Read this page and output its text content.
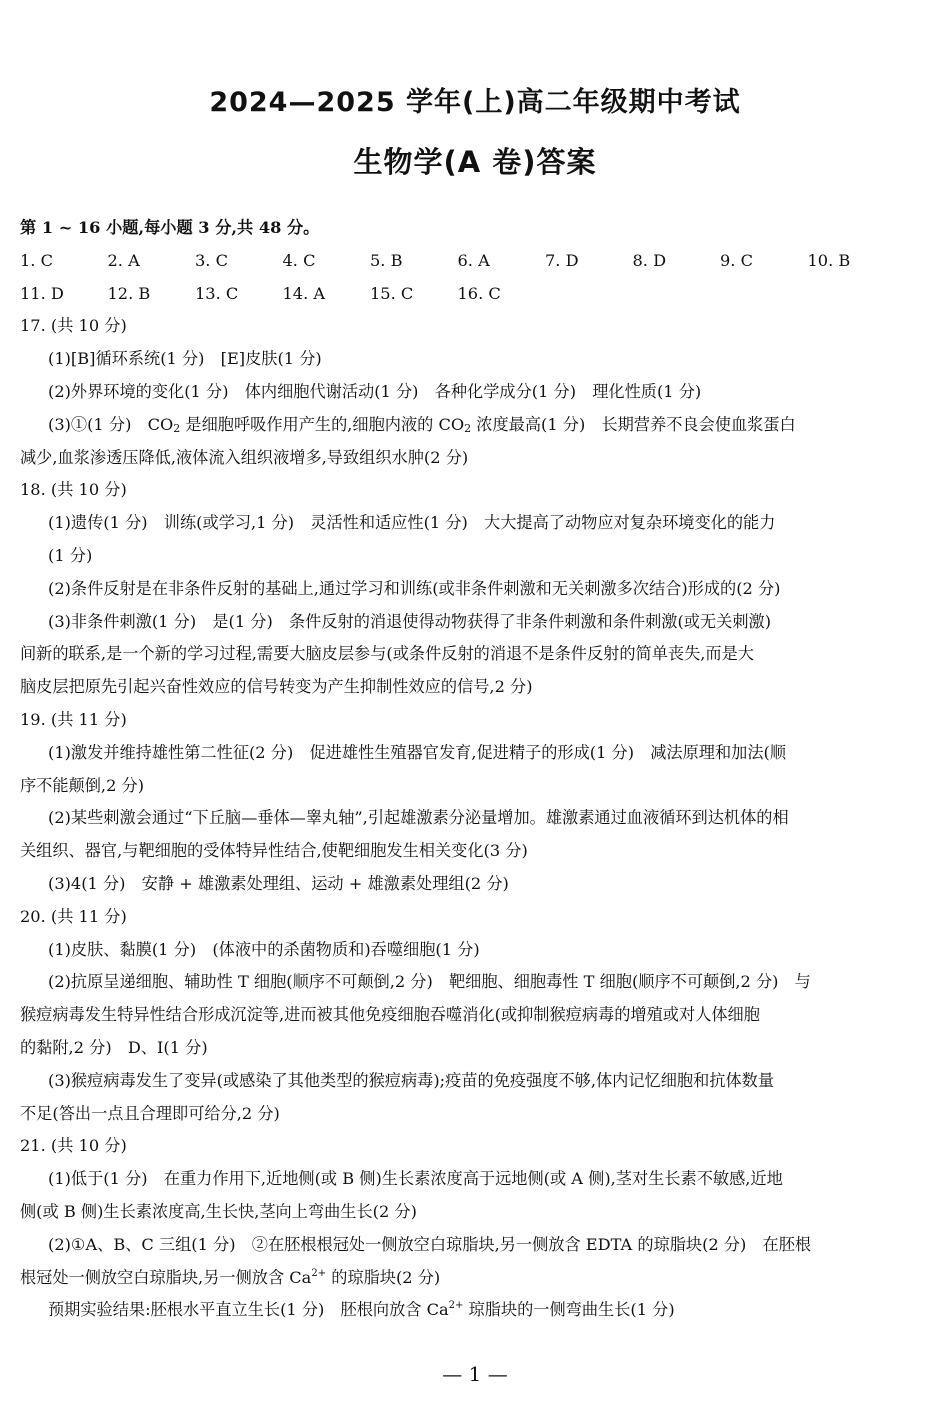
2024—2025 学年(上)高二年级期中考试
生物学(A 卷)答案

第 1 ~ 16 小题,每小题 3 分,共 48 分。

1. C	2. A	3. C	4. C	5. B	6. A	7. D	8. D	9. C	10. B
11. D	12. B	13. C	14. A	15. C	16. C

17. (共 10 分)

(1)[B]循环系统(1 分)　[E]皮肤(1 分)

(2)外界环境的变化(1 分)　体内细胞代谢活动(1 分)　各种化学成分(1 分)　理化性质(1 分)

(3)①(1 分)　$CO_2$ 是细胞呼吸作用产生的,细胞内液的 $CO_2$ 浓度最高(1 分)　长期营养不良会使血浆蛋白

减少,血浆渗透压降低,液体流入组织液增多,导致组织水肿(2 分)

18. (共 10 分)

(1)遗传(1 分)　训练(或学习,1 分)　灵活性和适应性(1 分)　大大提高了动物应对复杂环境变化的能力

(1 分)

(2)条件反射是在非条件反射的基础上,通过学习和训练(或非条件刺激和无关刺激多次结合)形成的(2 分)

(3)非条件刺激(1 分)　是(1 分)　条件反射的消退使得动物获得了非条件刺激和条件刺激(或无关刺激)

间新的联系,是一个新的学习过程,需要大脑皮层参与(或条件反射的消退不是条件反射的简单丧失,而是大

脑皮层把原先引起兴奋性效应的信号转变为产生抑制性效应的信号,2 分)

19. (共 11 分)

(1)激发并维持雄性第二性征(2 分)　促进雄性生殖器官发育,促进精子的形成(1 分)　减法原理和加法(顺

序不能颠倒,2 分)

(2)某些刺激会通过“下丘脑—垂体—睾丸轴”,引起雄激素分泌量增加。雄激素通过血液循环到达机体的相

关组织、器官,与靶细胞的受体特异性结合,使靶细胞发生相关变化(3 分)

(3)4(1 分)　安静 + 雄激素处理组、运动 + 雄激素处理组(2 分)

20. (共 11 分)

(1)皮肤、黏膜(1 分)　(体液中的杀菌物质和)吞噬细胞(1 分)

(2)抗原呈递细胞、辅助性 T 细胞(顺序不可颠倒,2 分)　靶细胞、细胞毒性 T 细胞(顺序不可颠倒,2 分)　与

猴痘病毒发生特异性结合形成沉淀等,进而被其他免疫细胞吞噬消化(或抑制猴痘病毒的增殖或对人体细胞

的黏附,2 分)　D、I(1 分)

(3)猴痘病毒发生了变异(或感染了其他类型的猴痘病毒);疫苗的免疫强度不够,体内记忆细胞和抗体数量

不足(答出一点且合理即可给分,2 分)

21. (共 10 分)

(1)低于(1 分)　在重力作用下,近地侧(或 B 侧)生长素浓度高于远地侧(或 A 侧),茎对生长素不敏感,近地

侧(或 B 侧)生长素浓度高,生长快,茎向上弯曲生长(2 分)

(2)①A、B、C 三组(1 分)　②在胚根根冠处一侧放空白琼脂块,另一侧放含 EDTA 的琼脂块(2 分)　在胚根

根冠处一侧放空白琼脂块,另一侧放含 $Ca^{2+}$ 的琼脂块(2 分)

预期实验结果:胚根水平直立生长(1 分)　胚根向放含 $Ca^{2+}$ 琼脂块的一侧弯曲生长(1 分)

— 1 —
